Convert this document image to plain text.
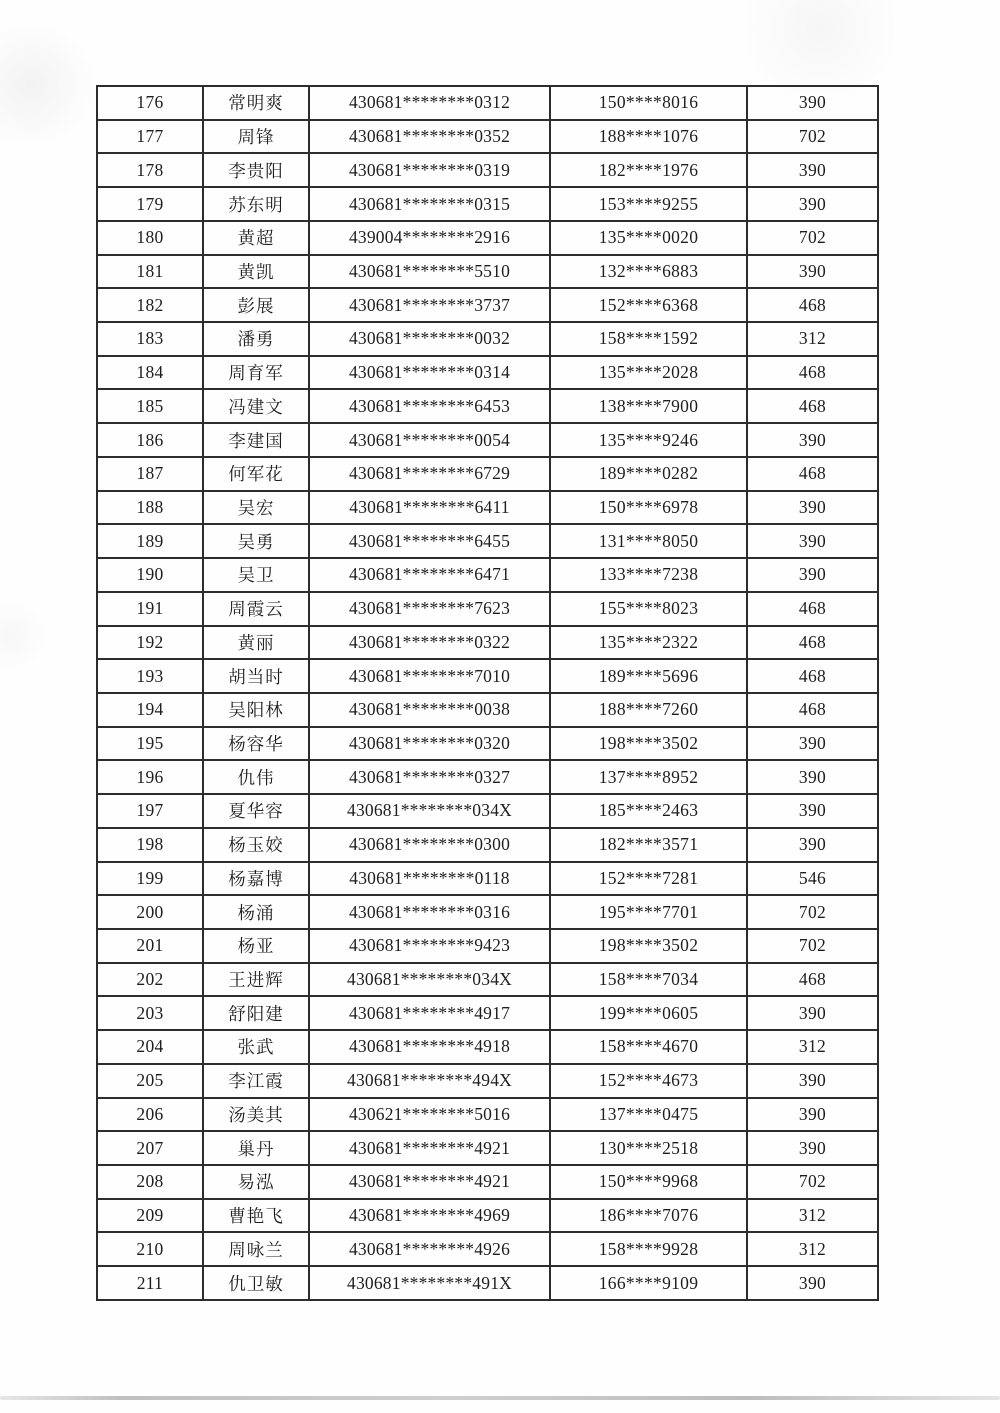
176	常明爽	430681********0312	150****8016	390
177	周锋	430681********0352	188****1076	702
178	李贵阳	430681********0319	182****1976	390
179	苏东明	430681********0315	153****9255	390
180	黄超	439004********2916	135****0020	702
181	黄凯	430681********5510	132****6883	390
182	彭展	430681********3737	152****6368	468
183	潘勇	430681********0032	158****1592	312
184	周育军	430681********0314	135****2028	468
185	冯建文	430681********6453	138****7900	468
186	李建国	430681********0054	135****9246	390
187	何军花	430681********6729	189****0282	468
188	吴宏	430681********6411	150****6978	390
189	吴勇	430681********6455	131****8050	390
190	吴卫	430681********6471	133****7238	390
191	周霞云	430681********7623	155****8023	468
192	黄丽	430681********0322	135****2322	468
193	胡当时	430681********7010	189****5696	468
194	吴阳林	430681********0038	188****7260	468
195	杨容华	430681********0320	198****3502	390
196	仇伟	430681********0327	137****8952	390
197	夏华容	430681********034X	185****2463	390
198	杨玉姣	430681********0300	182****3571	390
199	杨嘉博	430681********0118	152****7281	546
200	杨涌	430681********0316	195****7701	702
201	杨亚	430681********9423	198****3502	702
202	王进辉	430681********034X	158****7034	468
203	舒阳建	430681********4917	199****0605	390
204	张武	430681********4918	158****4670	312
205	李江霞	430681********494X	152****4673	390
206	汤美其	430621********5016	137****0475	390
207	巢丹	430681********4921	130****2518	390
208	易泓	430681********4921	150****9968	702
209	曹艳飞	430681********4969	186****7076	312
210	周咏兰	430681********4926	158****9928	312
211	仇卫敏	430681********491X	166****9109	390
